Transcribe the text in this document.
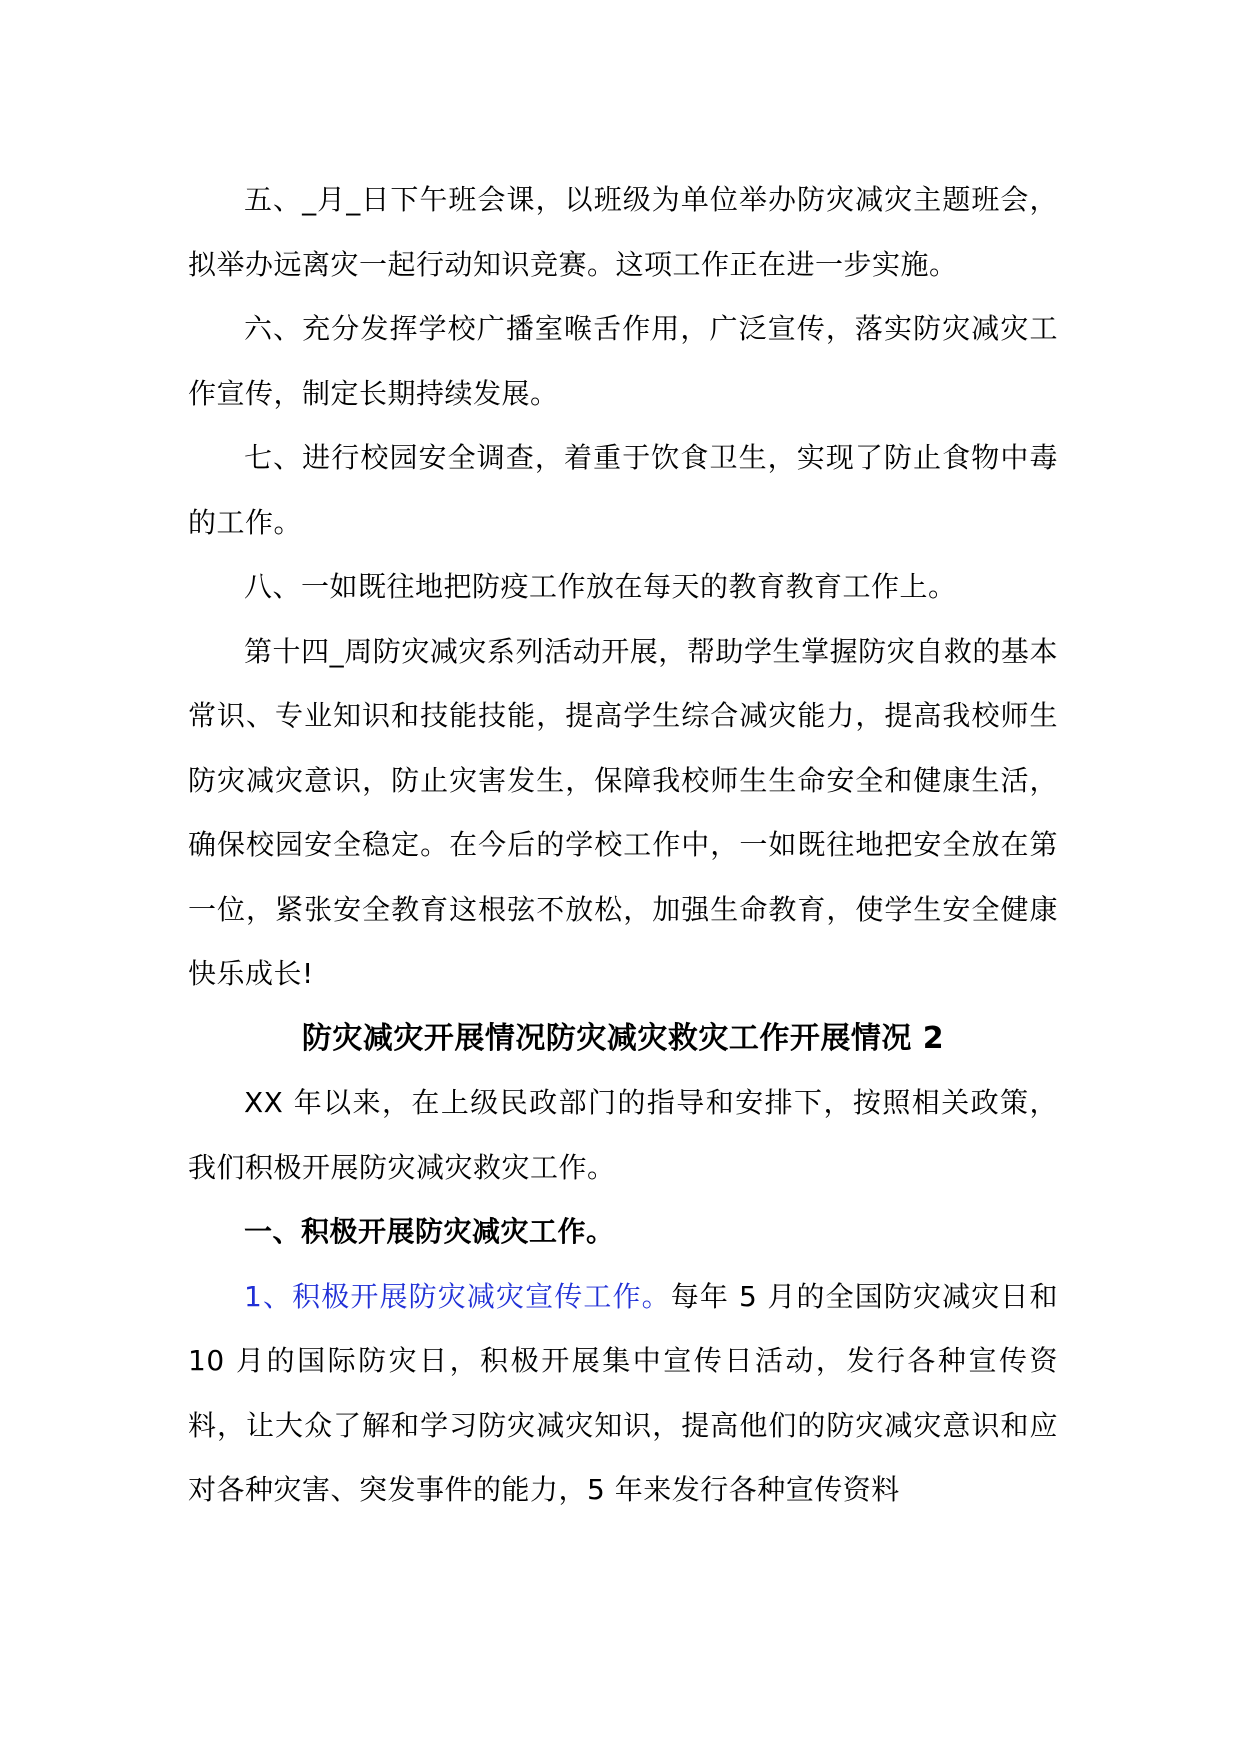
五、_月_日下午班会课，以班级为单位举办防灾减灾主题班会，拟举办远离灾一起行动知识竞赛。这项工作正在进一步实施。

六、充分发挥学校广播室喉舌作用，广泛宣传，落实防灾减灾工作宣传，制定长期持续发展。

七、进行校园安全调查，着重于饮食卫生，实现了防止食物中毒的工作。

八、一如既往地把防疫工作放在每天的教育教育工作上。

第十四_周防灾减灾系列活动开展，帮助学生掌握防灾自救的基本常识、专业知识和技能技能，提高学生综合减灾能力，提高我校师生防灾减灾意识，防止灾害发生，保障我校师生生命安全和健康生活，确保校园安全稳定。在今后的学校工作中，一如既往地把安全放在第一位，紧张安全教育这根弦不放松，加强生命教育，使学生安全健康快乐成长!

防灾减灾开展情况防灾减灾救灾工作开展情况 2

XX 年以来，在上级民政部门的指导和安排下，按照相关政策，我们积极开展防灾减灾救灾工作。

一、积极开展防灾减灾工作。

1、积极开展防灾减灾宣传工作。每年 5 月的全国防灾减灾日和 10 月的国际防灾日，积极开展集中宣传日活动，发行各种宣传资料，让大众了解和学习防灾减灾知识，提高他们的防灾减灾意识和应对各种灾害、突发事件的能力，5 年来发行各种宣传资料
